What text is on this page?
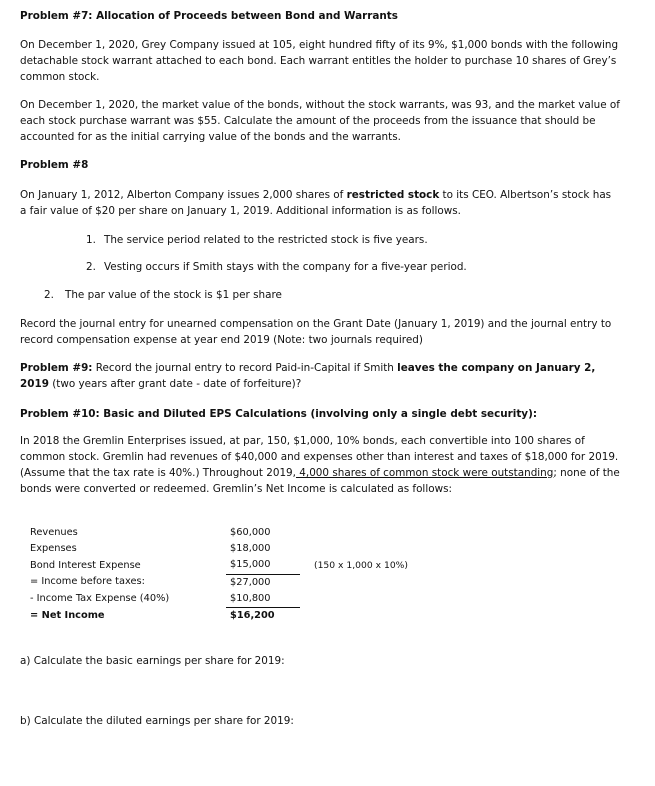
Problem #7: Allocation of Proceeds between Bond and Warrants
On December 1, 2020, Grey Company issued at 105, eight hundred fifty of its 9%, $1,000 bonds with the following detachable stock warrant attached to each bond. Each warrant entitles the holder to purchase 10 shares of Grey’s common stock.
On December 1, 2020, the market value of the bonds, without the stock warrants, was 93, and the market value of each stock purchase warrant was $55. Calculate the amount of the proceeds from the issuance that should be accounted for as the initial carrying value of the bonds and the warrants.
Problem #8
On January 1, 2012, Alberton Company issues 2,000 shares of restricted stock to its CEO. Albertson’s stock has a fair value of $20 per share on January 1, 2019. Additional information is as follows.
1. The service period related to the restricted stock is five years.
2. Vesting occurs if Smith stays with the company for a five-year period.
2. The par value of the stock is $1 per share
Record the journal entry for unearned compensation on the Grant Date (January 1, 2019) and the journal entry to record compensation expense at year end 2019 (Note: two journals required)
Problem #9: Record the journal entry to record Paid-in-Capital if Smith leaves the company on January 2, 2019 (two years after grant date - date of forfeiture)?
Problem #10: Basic and Diluted EPS Calculations (involving only a single debt security):
In 2018 the Gremlin Enterprises issued, at par, 150, $1,000, 10% bonds, each convertible into 100 shares of common stock. Gremlin had revenues of $40,000 and expenses other than interest and taxes of $18,000 for 2019. (Assume that the tax rate is 40%.) Throughout 2019, 4,000 shares of common stock were outstanding; none of the bonds were converted or redeemed. Gremlin’s Net Income is calculated as follows:
Revenues	$60,000	
Expenses	$18,000	
Bond Interest Expense	$15,000	(150 x 1,000 x 10%)
= Income before taxes:	$27,000	
- Income Tax Expense (40%)	$10,800	
= Net Income	$16,200	
a) Calculate the basic earnings per share for 2019:
b) Calculate the diluted earnings per share for 2019:
